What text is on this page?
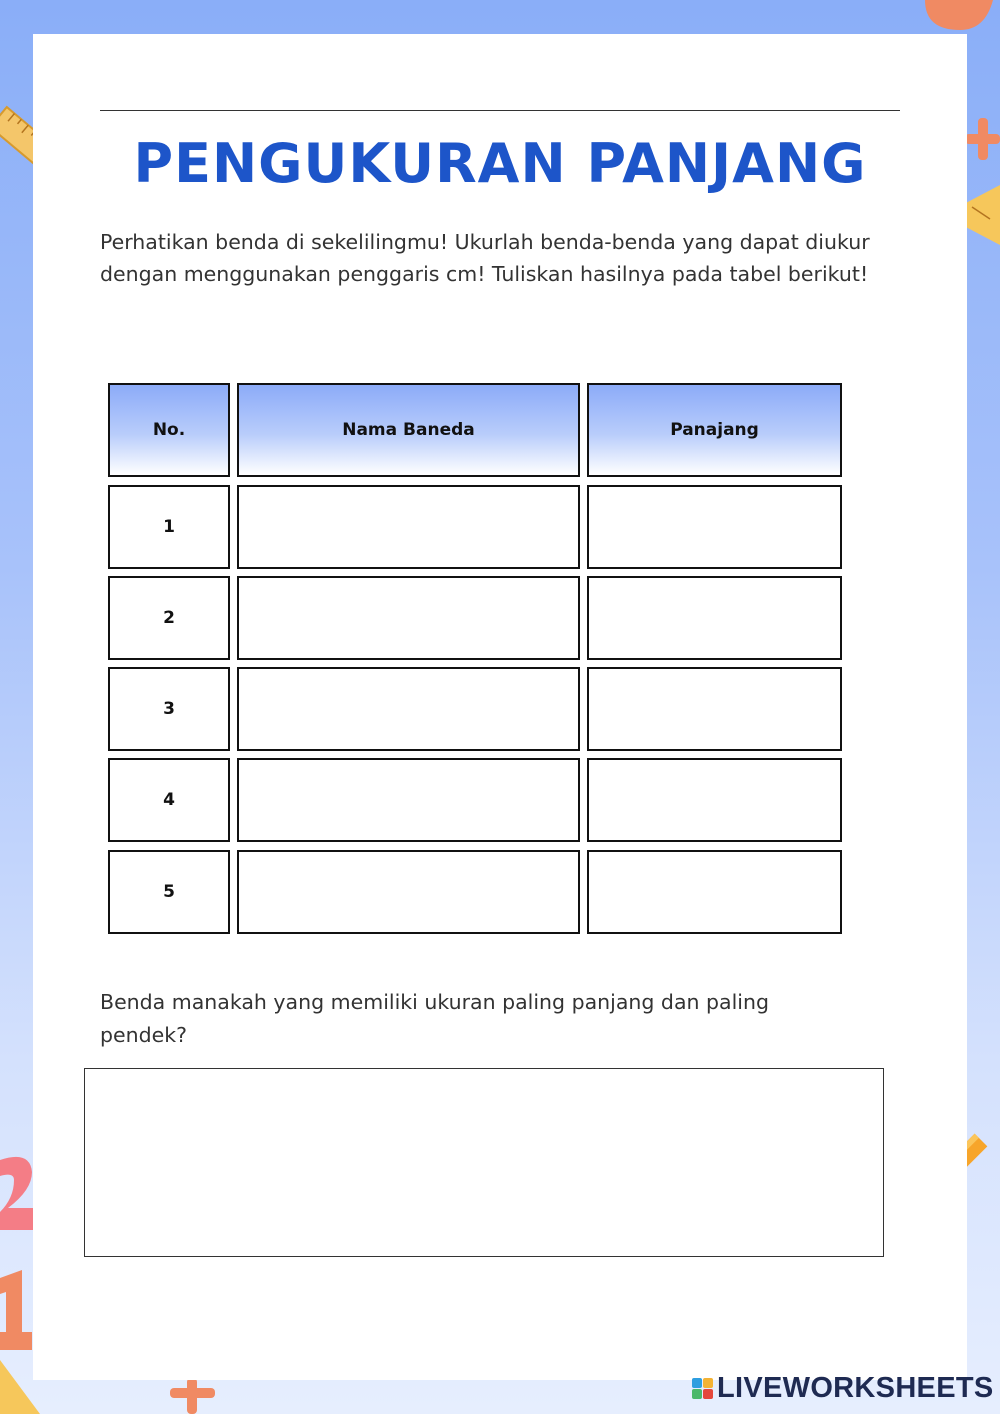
PENGUKURAN PANJANG
Perhatikan benda di sekelilingmu! Ukurlah benda-benda yang dapat diukur dengan menggunakan penggaris cm! Tuliskan hasilnya pada tabel berikut!
No.	Nama Baneda	Panajang
1
2
3
4
5
Benda manakah yang memiliki ukuran paling panjang dan paling pendek?
LIVEWORKSHEETS
